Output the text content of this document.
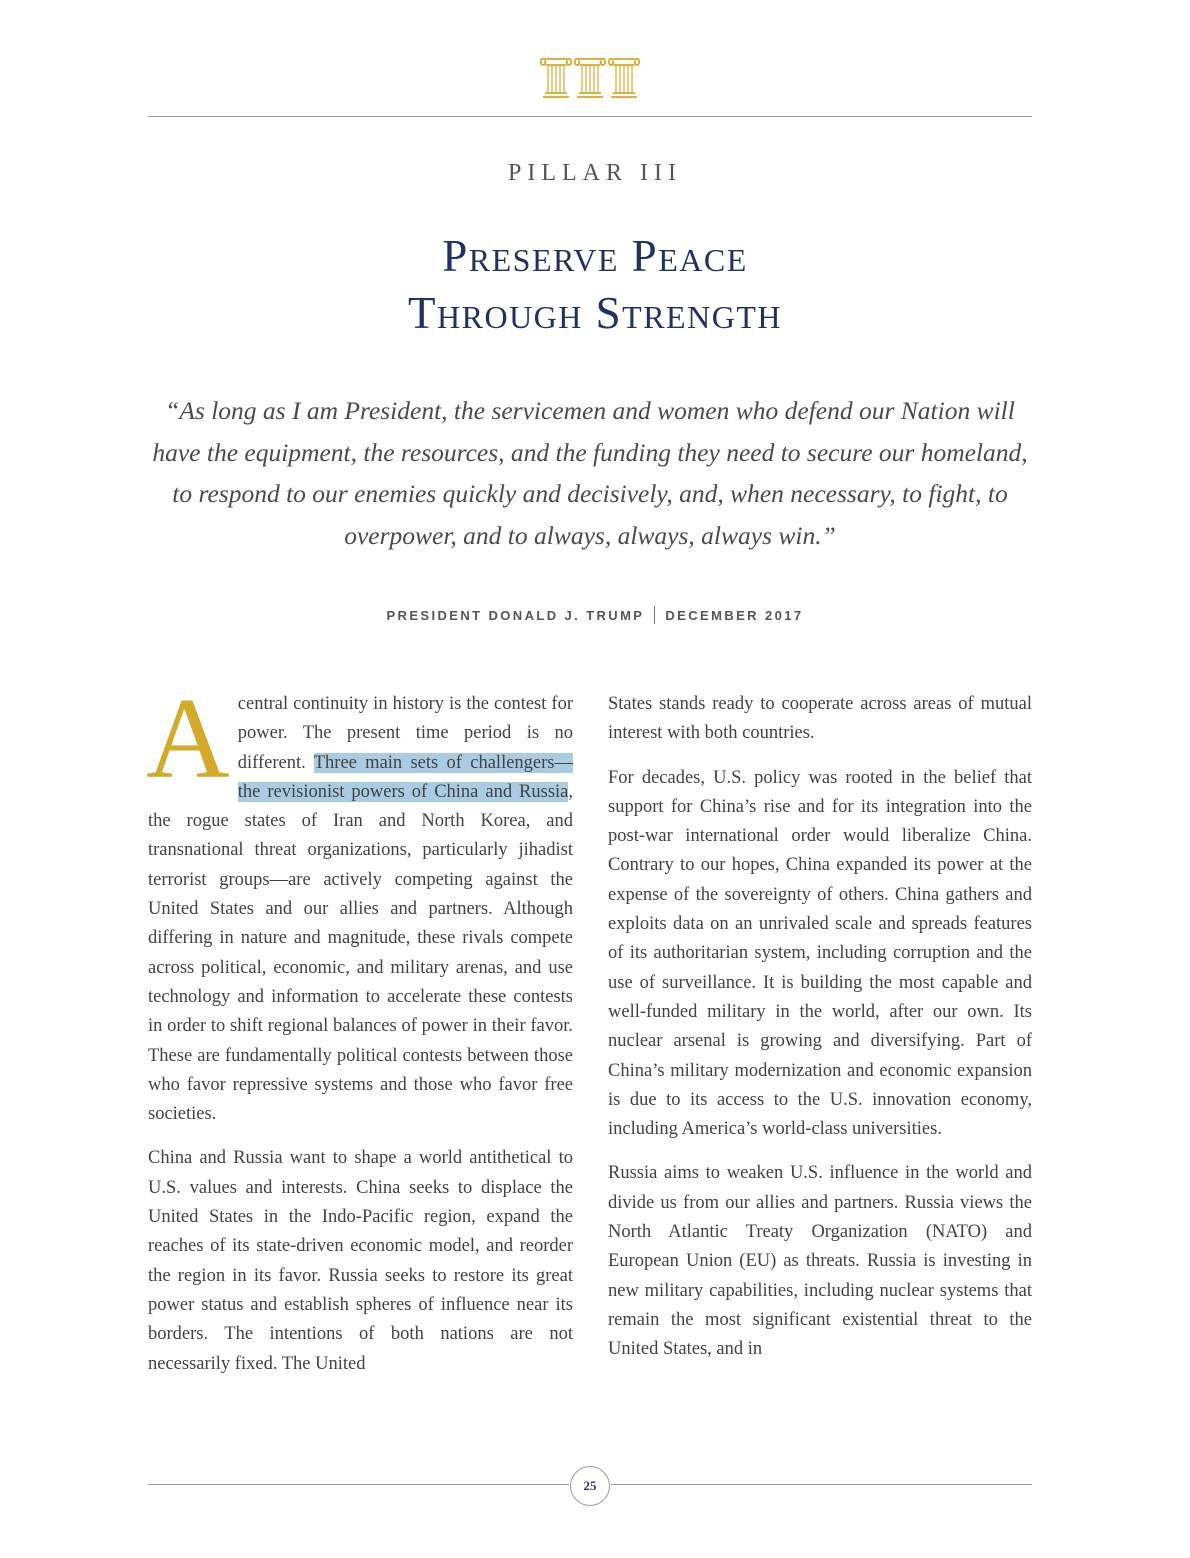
PILLAR III
Preserve Peace
Through Strength
“As long as I am President, the servicemen and women who defend our Nation will have the equipment, the resources, and the funding they need to secure our homeland, to respond to our enemies quickly and decisively, and, when necessary, to fight, to overpower, and to always, always, always win.”
PRESIDENT DONALD J. TRUMP DECEMBER 2017

Acentral continuity in history is the contest for power. The present time period is no different. Three main sets of challengers—the revisionist powers of China and Russia, the rogue states of Iran and North Korea, and transnational threat organizations, particularly jihadist terrorist groups—are actively competing against the United States and our allies and partners. Although differing in nature and magnitude, these rivals compete across political, economic, and military arenas, and use technology and information to accelerate these contests in order to shift regional balances of power in their favor. These are fundamentally political contests between those who favor repressive systems and those who favor free societies.

China and Russia want to shape a world antithetical to U.S. values and interests. China seeks to displace the United States in the Indo-Pacific region, expand the reaches of its state-driven economic model, and reorder the region in its favor. Russia seeks to restore its great power status and establish spheres of influence near its borders. The intentions of both nations are not necessarily fixed. The United

States stands ready to cooperate across areas of mutual interest with both countries.

For decades, U.S. policy was rooted in the belief that support for China’s rise and for its integration into the post-war international order would liberalize China. Contrary to our hopes, China expanded its power at the expense of the sovereignty of others. China gathers and exploits data on an unrivaled scale and spreads features of its authoritarian system, including corruption and the use of surveillance. It is building the most capable and well-funded military in the world, after our own. Its nuclear arsenal is growing and diversifying. Part of China’s military modernization and economic expansion is due to its access to the U.S. innovation economy, including America’s world-class universities.

Russia aims to weaken U.S. influence in the world and divide us from our allies and partners. Russia views the North Atlantic Treaty Organization (NATO) and European Union (EU) as threats. Russia is investing in new military capabilities, including nuclear systems that remain the most significant existential threat to the United States, and in

25
